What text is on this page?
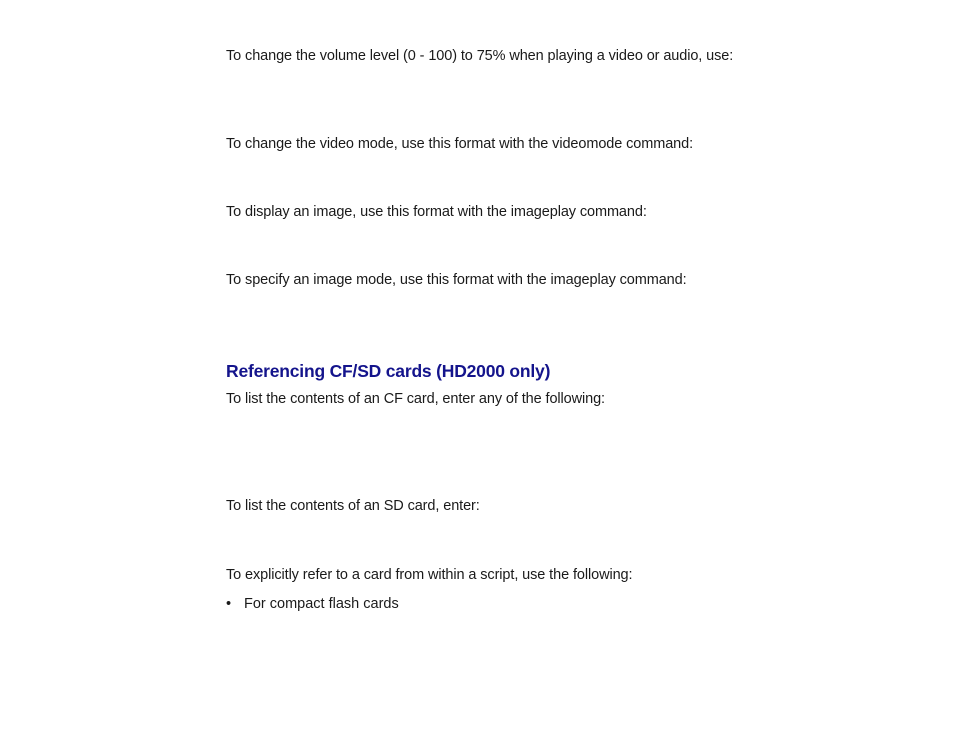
To change the volume level (0 - 100) to 75% when playing a video or audio, use:

To change the video mode, use this format with the videomode command:

To display an image, use this format with the imageplay command:

To specify an image mode, use this format with the imageplay command:

Referencing CF/SD cards (HD2000 only)

To list the contents of an CF card, enter any of the following:

To list the contents of an SD card, enter:

To explicitly refer to a card from within a script, use the following:

• For compact flash cards
